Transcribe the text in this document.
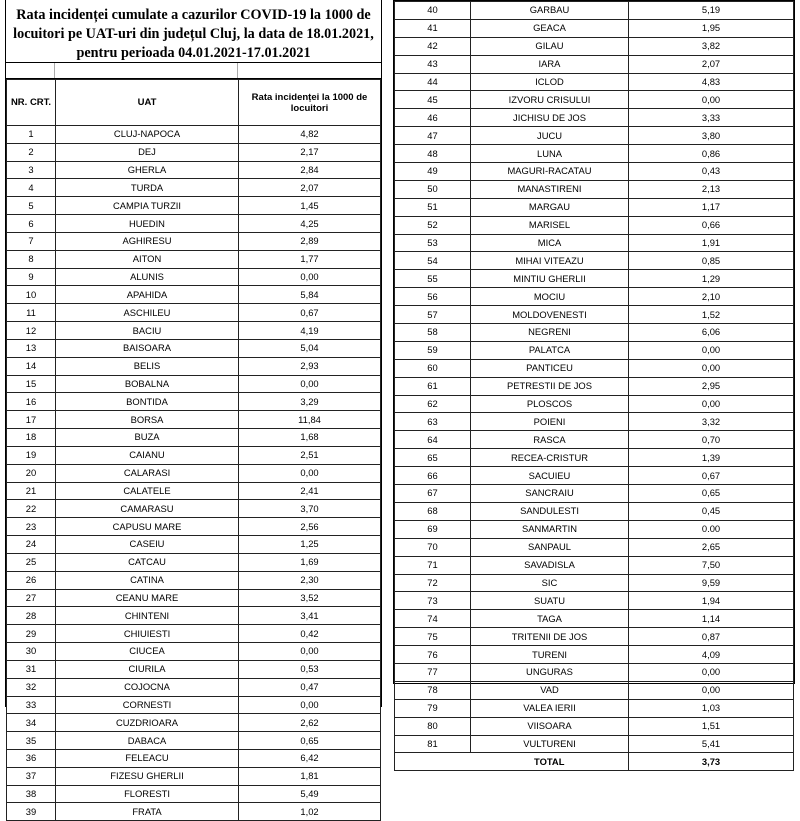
Rata incidenței cumulate a cazurilor COVID-19 la 1000 de locuitori pe UAT-uri din județul Cluj, la data de 18.01.2021, pentru perioada 04.01.2021-17.01.2021
NR. CRT.	UAT	Rata incidenței la 1000 de locuitori
1	CLUJ-NAPOCA	4,82
2	DEJ	2,17
3	GHERLA	2,84
4	TURDA	2,07
5	CAMPIA TURZII	1,45
6	HUEDIN	4,25
7	AGHIRESU	2,89
8	AITON	1,77
9	ALUNIS	0,00
10	APAHIDA	5,84
11	ASCHILEU	0,67
12	BACIU	4,19
13	BAISOARA	5,04
14	BELIS	2,93
15	BOBALNA	0,00
16	BONTIDA	3,29
17	BORSA	11,84
18	BUZA	1,68
19	CAIANU	2,51
20	CALARASI	0,00
21	CALATELE	2,41
22	CAMARASU	3,70
23	CAPUSU MARE	2,56
24	CASEIU	1,25
25	CATCAU	1,69
26	CATINA	2,30
27	CEANU MARE	3,52
28	CHINTENI	3,41
29	CHIUIESTI	0,42
30	CIUCEA	0,00
31	CIURILA	0,53
32	COJOCNA	0,47
33	CORNESTI	0,00
34	CUZDRIOARA	2,62
35	DABACA	0,65
36	FELEACU	6,42
37	FIZESU GHERLII	1,81
38	FLORESTI	5,49
39	FRATA	1,02
40	GARBAU	5,19
41	GEACA	1,95
42	GILAU	3,82
43	IARA	2,07
44	ICLOD	4,83
45	IZVORU CRISULUI	0,00
46	JICHISU DE JOS	3,33
47	JUCU	3,80
48	LUNA	0,86
49	MAGURI-RACATAU	0,43
50	MANASTIRENI	2,13
51	MARGAU	1,17
52	MARISEL	0,66
53	MICA	1,91
54	MIHAI VITEAZU	0,85
55	MINTIU GHERLII	1,29
56	MOCIU	2,10
57	MOLDOVENESTI	1,52
58	NEGRENI	6,06
59	PALATCA	0,00
60	PANTICEU	0,00
61	PETRESTII DE JOS	2,95
62	PLOSCOS	0,00
63	POIENI	3,32
64	RASCA	0,70
65	RECEA-CRISTUR	1,39
66	SACUIEU	0,67
67	SANCRAIU	0,65
68	SANDULESTI	0,45
69	SANMARTIN	0.00
70	SANPAUL	2,65
71	SAVADISLA	7,50
72	SIC	9,59
73	SUATU	1,94
74	TAGA	1,14
75	TRITENII DE JOS	0,87
76	TURENI	4,09
77	UNGURAS	0,00
78	VAD	0,00
79	VALEA IERII	1,03
80	VIISOARA	1,51
81	VULTURENI	5,41
	TOTAL	3,73
